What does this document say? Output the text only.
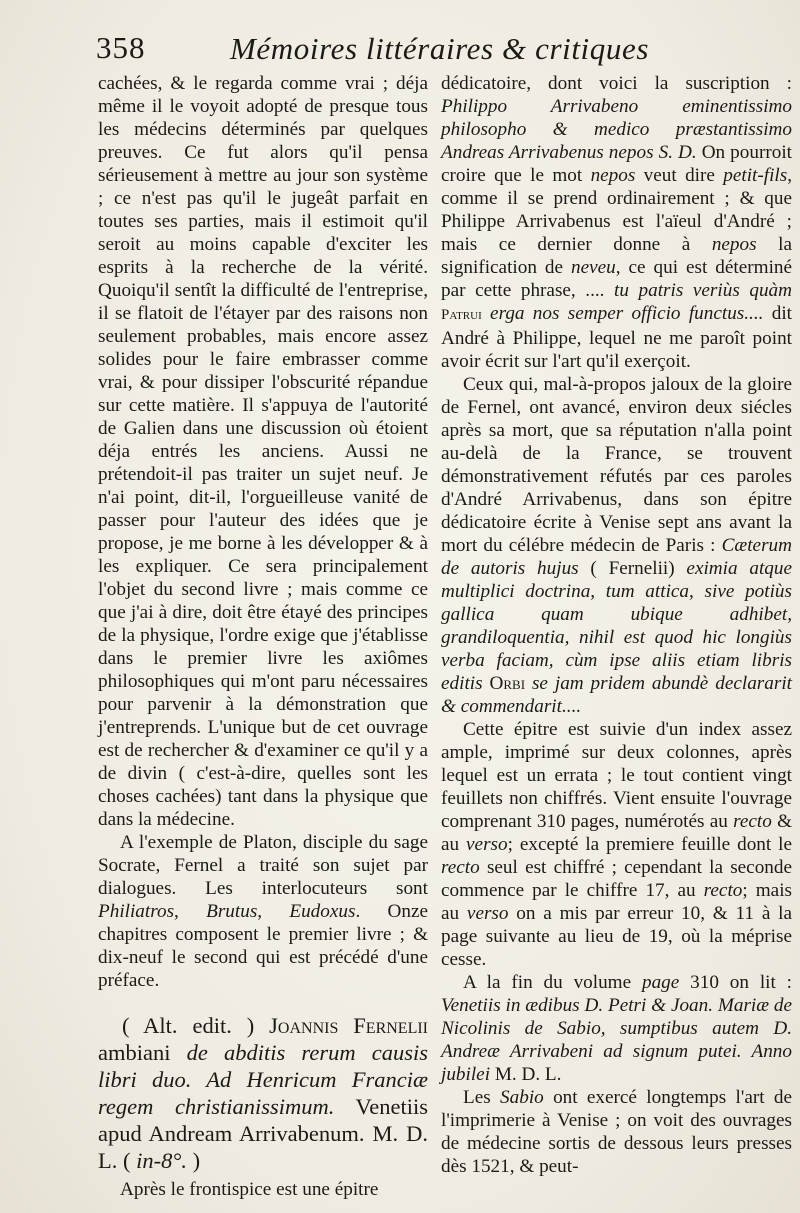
358	Mémoires littéraires & critiques

cachées, & le regarda comme vrai ; déja même il le voyoit adopté de presque tous les médecins déterminés par quelques preuves. Ce fut alors qu'il pensa sérieusement à mettre au jour son système ; ce n'est pas qu'il le jugeât parfait en toutes ses parties, mais il estimoit qu'il seroit au moins capable d'exciter les esprits à la recherche de la vérité. Quoiqu'il sentît la difficulté de l'entreprise, il se flatoit de l'étayer par des raisons non seulement probables, mais encore assez solides pour le faire embrasser comme vrai, & pour dissiper l'obscurité répandue sur cette matière. Il s'appuya de l'autorité de Galien dans une discussion où étoient déja entrés les anciens. Aussi ne prétendoit-il pas traiter un sujet neuf. Je n'ai point, dit-il, l'orgueilleuse vanité de passer pour l'auteur des idées que je propose, je me borne à les développer & à les expliquer. Ce sera principalement l'objet du second livre ; mais comme ce que j'ai à dire, doit être étayé des principes de la physique, l'ordre exige que j'établisse dans le premier livre les axiômes philosophiques qui m'ont paru nécessaires pour parvenir à la démonstration que j'entreprends. L'unique but de cet ouvrage est de rechercher & d'examiner ce qu'il y a de divin ( c'est-à-dire, quelles sont les choses cachées) tant dans la physique que dans la médecine.

A l'exemple de Platon, disciple du sage Socrate, Fernel a traité son sujet par dialogues. Les interlocuteurs sont Philiatros, Brutus, Eudoxus. Onze chapitres composent le premier livre ; & dix-neuf le second qui est précédé d'une préface.

( Alt. edit. ) Joannis Fernelii ambiani de abditis rerum causis libri duo. Ad Henricum Franciæ regem christianissimum. Venetiis apud Andream Arrivabenum. M. D. L. ( in-8°. )

Après le frontispice est une épitre

dédicatoire, dont voici la suscription : Philippo Arrivabeno eminentissimo philosopho & medico præstantissimo Andreas Arrivabenus nepos S. D. On pourroit croire que le mot nepos veut dire petit-fils, comme il se prend ordinairement ; & que Philippe Arrivabenus est l'aïeul d'André ; mais ce dernier donne à nepos la signification de neveu, ce qui est déterminé par cette phrase, .... tu patris veriùs quàm Patrui erga nos semper officio functus.... dit André à Philippe, lequel ne me paroît point avoir écrit sur l'art qu'il exerçoit.

Ceux qui, mal-à-propos jaloux de la gloire de Fernel, ont avancé, environ deux siécles après sa mort, que sa réputation n'alla point au-delà de la France, se trouvent démonstrativement réfutés par ces paroles d'André Arrivabenus, dans son épitre dédicatoire écrite à Venise sept ans avant la mort du célébre médecin de Paris : Cæterum de autoris hujus ( Fernelii) eximia atque multiplici doctrina, tum attica, sive potiùs gallica quam ubique adhibet, grandiloquentia, nihil est quod hic longiùs verba faciam, cùm ipse aliis etiam libris editis Orbi se jam pridem abundè declararit & commendarit....

Cette épitre est suivie d'un index assez ample, imprimé sur deux colonnes, après lequel est un errata ; le tout contient vingt feuillets non chiffrés. Vient ensuite l'ouvrage comprenant 310 pages, numérotés au recto & au verso; excepté la premiere feuille dont le recto seul est chiffré ; cependant la seconde commence par le chiffre 17, au recto; mais au verso on a mis par erreur 10, & 11 à la page suivante au lieu de 19, où la méprise cesse.

A la fin du volume page 310 on lit : Venetiis in ædibus D. Petri & Joan. Mariæ de Nicolinis de Sabio, sumptibus autem D. Andreæ Arrivabeni ad signum putei. Anno jubilei M. D. L.

Les Sabio ont exercé longtemps l'art de l'imprimerie à Venise ; on voit des ouvrages de médecine sortis de dessous leurs presses dès 1521, & peut-
